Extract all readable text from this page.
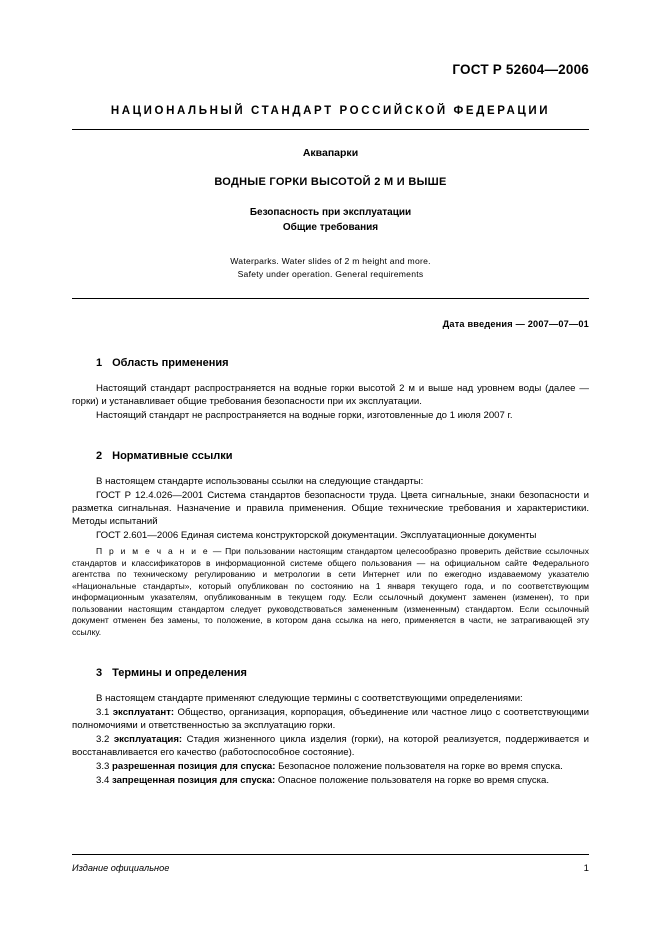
ГОСТ Р 52604—2006
НАЦИОНАЛЬНЫЙ СТАНДАРТ РОССИЙСКОЙ ФЕДЕРАЦИИ
Аквапарки
ВОДНЫЕ ГОРКИ ВЫСОТОЙ 2 М И ВЫШЕ
Безопасность при эксплуатации
Общие требования
Waterparks. Water slides of 2 m height and more.
Safety under operation. General requirements
Дата введения — 2007—07—01
1 Область применения

Настоящий стандарт распространяется на водные горки высотой 2 м и выше над уровнем воды (далее — горки) и устанавливает общие требования безопасности при их эксплуатации.

Настоящий стандарт не распространяется на водные горки, изготовленные до 1 июля 2007 г.

2 Нормативные ссылки

В настоящем стандарте использованы ссылки на следующие стандарты:

ГОСТ Р 12.4.026—2001 Система стандартов безопасности труда. Цвета сигнальные, знаки безопасности и разметка сигнальная. Назначение и правила применения. Общие технические требования и характеристики. Методы испытаний

ГОСТ 2.601—2006 Единая система конструкторской документации. Эксплуатационные документы

П р и м е ч а н и е — При пользовании настоящим стандартом целесообразно проверить действие ссылочных стандартов и классификаторов в информационной системе общего пользования — на официальном сайте Федерального агентства по техническому регулированию и метрологии в сети Интернет или по ежегодно издаваемому указателю «Национальные стандарты», который опубликован по состоянию на 1 января текущего года, и по соответствующим информационным указателям, опубликованным в текущем году. Если ссылочный документ заменен (изменен), то при пользовании настоящим стандартом следует руководствоваться замененным (измененным) стандартом. Если ссылочный документ отменен без замены, то положение, в котором дана ссылка на него, применяется в части, не затрагивающей эту ссылку.

3 Термины и определения

В настоящем стандарте применяют следующие термины с соответствующими определениями:

3.1 эксплуатант: Общество, организация, корпорация, объединение или частное лицо с соответствующими полномочиями и ответственностью за эксплуатацию горки.

3.2 эксплуатация: Стадия жизненного цикла изделия (горки), на которой реализуется, поддерживается и восстанавливается его качество (работоспособное состояние).

3.3 разрешенная позиция для спуска: Безопасное положение пользователя на горке во время спуска.

3.4 запрещенная позиция для спуска: Опасное положение пользователя на горке во время спуска.

Издание официальное	1
